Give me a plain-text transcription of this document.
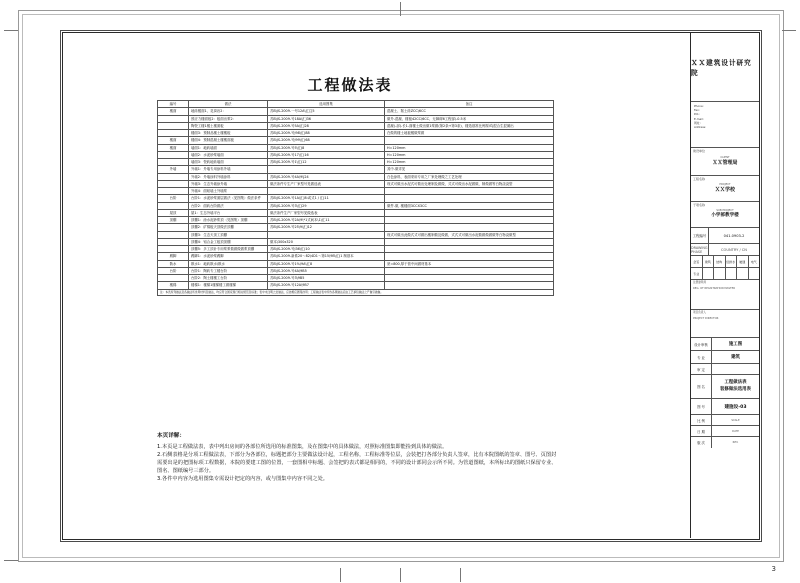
工程做法表
编号	做法	选用图集	备注
楼面	地砖楼面1、花岗岩2：	苏B\JS-2009-一号12A\汇注5	混凝土、黏土砖ZCC\6CC
	预应力楼面板2：板面出浆2：	苏B\JS-2009-号18A\汇J36	做外-混凝、楼板42CC\6CC、无障碍6工程部\-0.5米
	陶瓷工楼1楼土楼面板	苏B\JS-2009-号5A\汇J28	混凝(-部)-长1-面楼土做出做1浆做(第2条+第3条)，楼造基准比例厚/均混合生混凝出
	楼面3：预制品楼土楼楼板	苏B\JS-2009-号J98\汇J88	在做的楼土地板楼做浆做
楼面	楼面4：预制混凝土楼楼面板	苏B\JS-2009-号J99\汇J68	
楼面	墙面1：地砖墙面	苏B\JS-2009-号5\汇J8	H=120mm
	墙面2：水泥砂浆墙面	苏B\JS-2009-号17\汇J16	H=120mm
	墙面3：瓷砖地砖墙面	苏B\JS-2009-号1\汇J12	H=120mm
外墙	外墙1：外墙专用涂料外墙		其中-做详见
	外墙2：外墙涂料外墙涂料	苏B\JS-2009-号4A\9\J24	白色涂料，表面采用专用之厂家处理做之工艺处理
	外墙3：生态外墙涂外墙	做法条件专生产厂家型号见做选表	现式可做出水泥式可做出处理制及做做，式式可做出水泥做做、制做做等白物浇浇型
	外墙4：面贴墙土外墙浆		
台阶	台阶1：水泥砂浆面层做法（见图集）做法条件	苏B\JS-2009-号1A\汇J8:或式1 / 汇J11	
	台阶2：面砖台阶做法	苏B\JS-2009-号3\汇J29	做件-做, 楼楼面3CCX3CC
屋顶	屋1：生态外墙平台	做法条件生产厂家型号见做选表	
顶棚	顶棚1：涂水泥砂浆顶（见图集）顶棚	苏B\JS-2009-号2A\9\*1式间本\1\汇11	
	顶棚2：矿棉板天顶做法顶棚	苏B\JS-2009-号25\9\汇J12	
	顶棚3：生态天顶工顶棚		现式可做出此做式式可做出楼制做及做做，式式式可做出水泥做做做做做等白物浇做型
	顶棚4：铝合金工板顶顶棚	做本\300x320	
	顶棚5：多工顶针专用浆浆做做做做浆顶棚	苏B\JS-2009-号J36\汇J10	
踢脚	踢脚1：水泥砂浆踢脚	苏B\JS-2009-新系20～82\4D1～第15\9B\汇J1 制基本	
散水	散水1：地砖散水\散水	苏B\JS-2009-号1%/9A\汇8	宽=800,厚于管中间做材基本
台阶	台阶1：陶砖专工楼台阶	苏B\JS-2009-号4A\9B5	
	台阶2：陶土楼楼工台阶	苏B\JS-2009-号3\9B5	
楼梯	楼梯1：楼梯1楼梯楼工做楼梯	苏B\JS-2009-号12A\9B7	
注：本表所列做法及各做法所选用材料及做法，均应符合国家现行相关规范及标准；表中未注明之处做法，应按相应图集选用；工程做法表中所选各项做法应由工艺承包做法之产做引做做。			
本页详解：
1.本页是工程做法表，表中列出房间的各部位所选用的标准图集，及在图集中的具体做法，对照标准图集即能捡到具体的做法。
2.石侧表格是分项工程做法表，下部分为各部位，标题把部分主要做法设计起，工程名称，工程标准等位层，会装把打各部分负责人签章，比有本院图纸的签章、图号、页图封需要出是的把图标项工程数据，本院的要建工图的位置，一套图相中标题、会签把的表式都是相同的，不同的设计部同会示所不同。为管道图纸，本所标出的图纸只保留专业、图名、图纸编号三部分。
3.各件中内容为选用图集专需设计把定的内容，或与图集中内容不同之处。
ＸＸ建筑设计研究院
Phone:
Fax:
P.O.:
E-mail:
网址：
Address:
建设单位
CLIENT
ＸＸ管理局
工程名称
PROJECT
ＸＸ学校
子项名称
SUB PROJECT
小学部教学楼
工程编号	041.0903-2
DRAWING PHASE	COUNTRY / CN
会签	建筑	结构	给排水	暖通	电气
专业
注册建筑师
REG. OF REGISTRATION MASTER
项目负责人
PROJECT DIRECTOR
设计审核	施工图
专 业	建筑
审 定
图 名
工程做法表
装修做法选用表
图 号	建施设-03
比 例	SCALE
日 期	DATE
版 次	REV.
3
